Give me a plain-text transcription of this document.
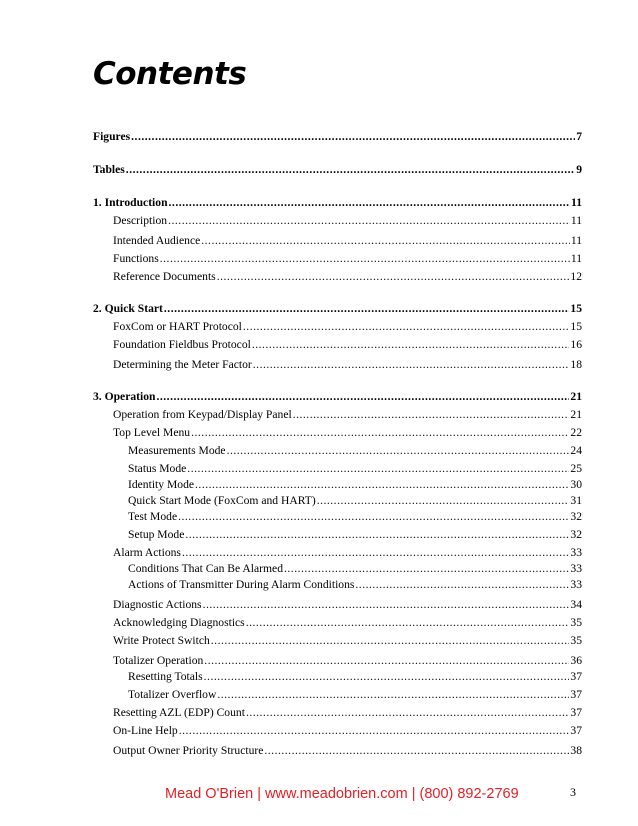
Contents
Figures .....	7
Tables .....	9
1. Introduction .....	11
Description .....	11
Intended Audience .....	11
Functions .....	11
Reference Documents .....	12
2. Quick Start .....	15
FoxCom or HART Protocol .....	15
Foundation Fieldbus Protocol .....	16
Determining the Meter Factor .....	18
3. Operation .....	21
Operation from Keypad/Display Panel .....	21
Top Level Menu .....	22
Measurements Mode .....	24
Status Mode .....	25
Identity Mode .....	30
Quick Start Mode (FoxCom and HART) .....	31
Test Mode .....	32
Setup Mode .....	32
Alarm Actions .....	33
Conditions That Can Be Alarmed .....	33
Actions of Transmitter During Alarm Conditions .....	33
Diagnostic Actions .....	34
Acknowledging Diagnostics .....	35
Write Protect Switch .....	35
Totalizer Operation .....	36
Resetting Totals .....	37
Totalizer Overflow .....	37
Resetting AZL (EDP) Count .....	37
On-Line Help .....	37
Output Owner Priority Structure .....	38
Mead O'Brien | www.meadobrien.com | (800) 892-2769	3
